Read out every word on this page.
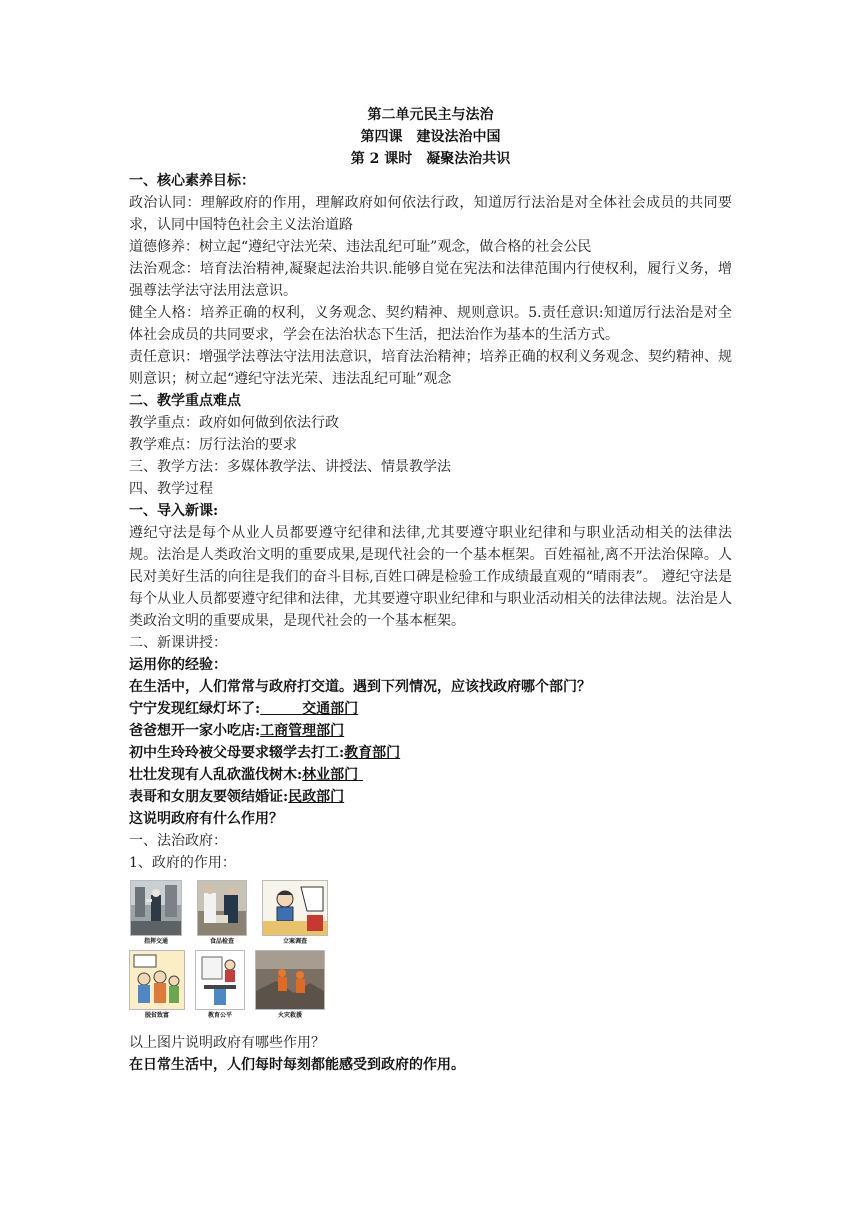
第二单元民主与法治

第四课　建设法治中国

第 2 课时　凝聚法治共识

一、核心素养目标：

政治认同：理解政府的作用，理解政府如何依法行政，知道厉行法治是对全体社会成员的共同要求，认同中国特色社会主义法治道路

道德修养：树立起“遵纪守法光荣、违法乱纪可耻”观念，做合格的社会公民

法治观念：培育法治精神,凝聚起法治共识.能够自觉在宪法和法律范围内行使权利，履行义务，增强尊法学法守法用法意识。

健全人格：培养正确的权利，义务观念、契约精神、规则意识。5.责任意识:知道厉行法治是对全体社会成员的共同要求，学会在法治状态下生活，把法治作为基本的生活方式。

责任意识：增强学法尊法守法用法意识，培育法治精神；培养正确的权利义务观念、契约精神、规则意识；树立起“遵纪守法光荣、违法乱纪可耻”观念

二、教学重点难点

教学重点：政府如何做到依法行政

教学难点：厉行法治的要求

三、教学方法：多媒体教学法、讲授法、情景教学法

四、教学过程

一、导入新课:

遵纪守法是每个从业人员都要遵守纪律和法律,尤其要遵守职业纪律和与职业活动相关的法律法规。法治是人类政治文明的重要成果,是现代社会的一个基本框架。百姓福祉,离不开法治保障。人民对美好生活的向往是我们的奋斗目标,百姓口碑是检验工作成绩最直观的“晴雨表”。 遵纪守法是每个从业人员都要遵守纪律和法律，尤其要遵守职业纪律和与职业活动相关的法律法规。法治是人类政治文明的重要成果，是现代社会的一个基本框架。

二、新课讲授：

运用你的经验：

在生活中，人们常常与政府打交道。遇到下列情况，应该找政府哪个部门？

宁宁发现红绿灯坏了:　　　	交通部门

爸爸想开一家小吃店:工商管理部门

初中生玲玲被父母要求辍学去打工:教育部门

壮壮发现有人乱砍滥伐树木:林业部门

表哥和女朋友要领结婚证:民政部门

这说明政府有什么作用？

一、法治政府：

1、政府的作用：

指挥交通	食品检查	立案调查
脱贫致富	教育公平	火灾救援

以上图片说明政府有哪些作用？

在日常生活中，人们每时每刻都能感受到政府的作用。
